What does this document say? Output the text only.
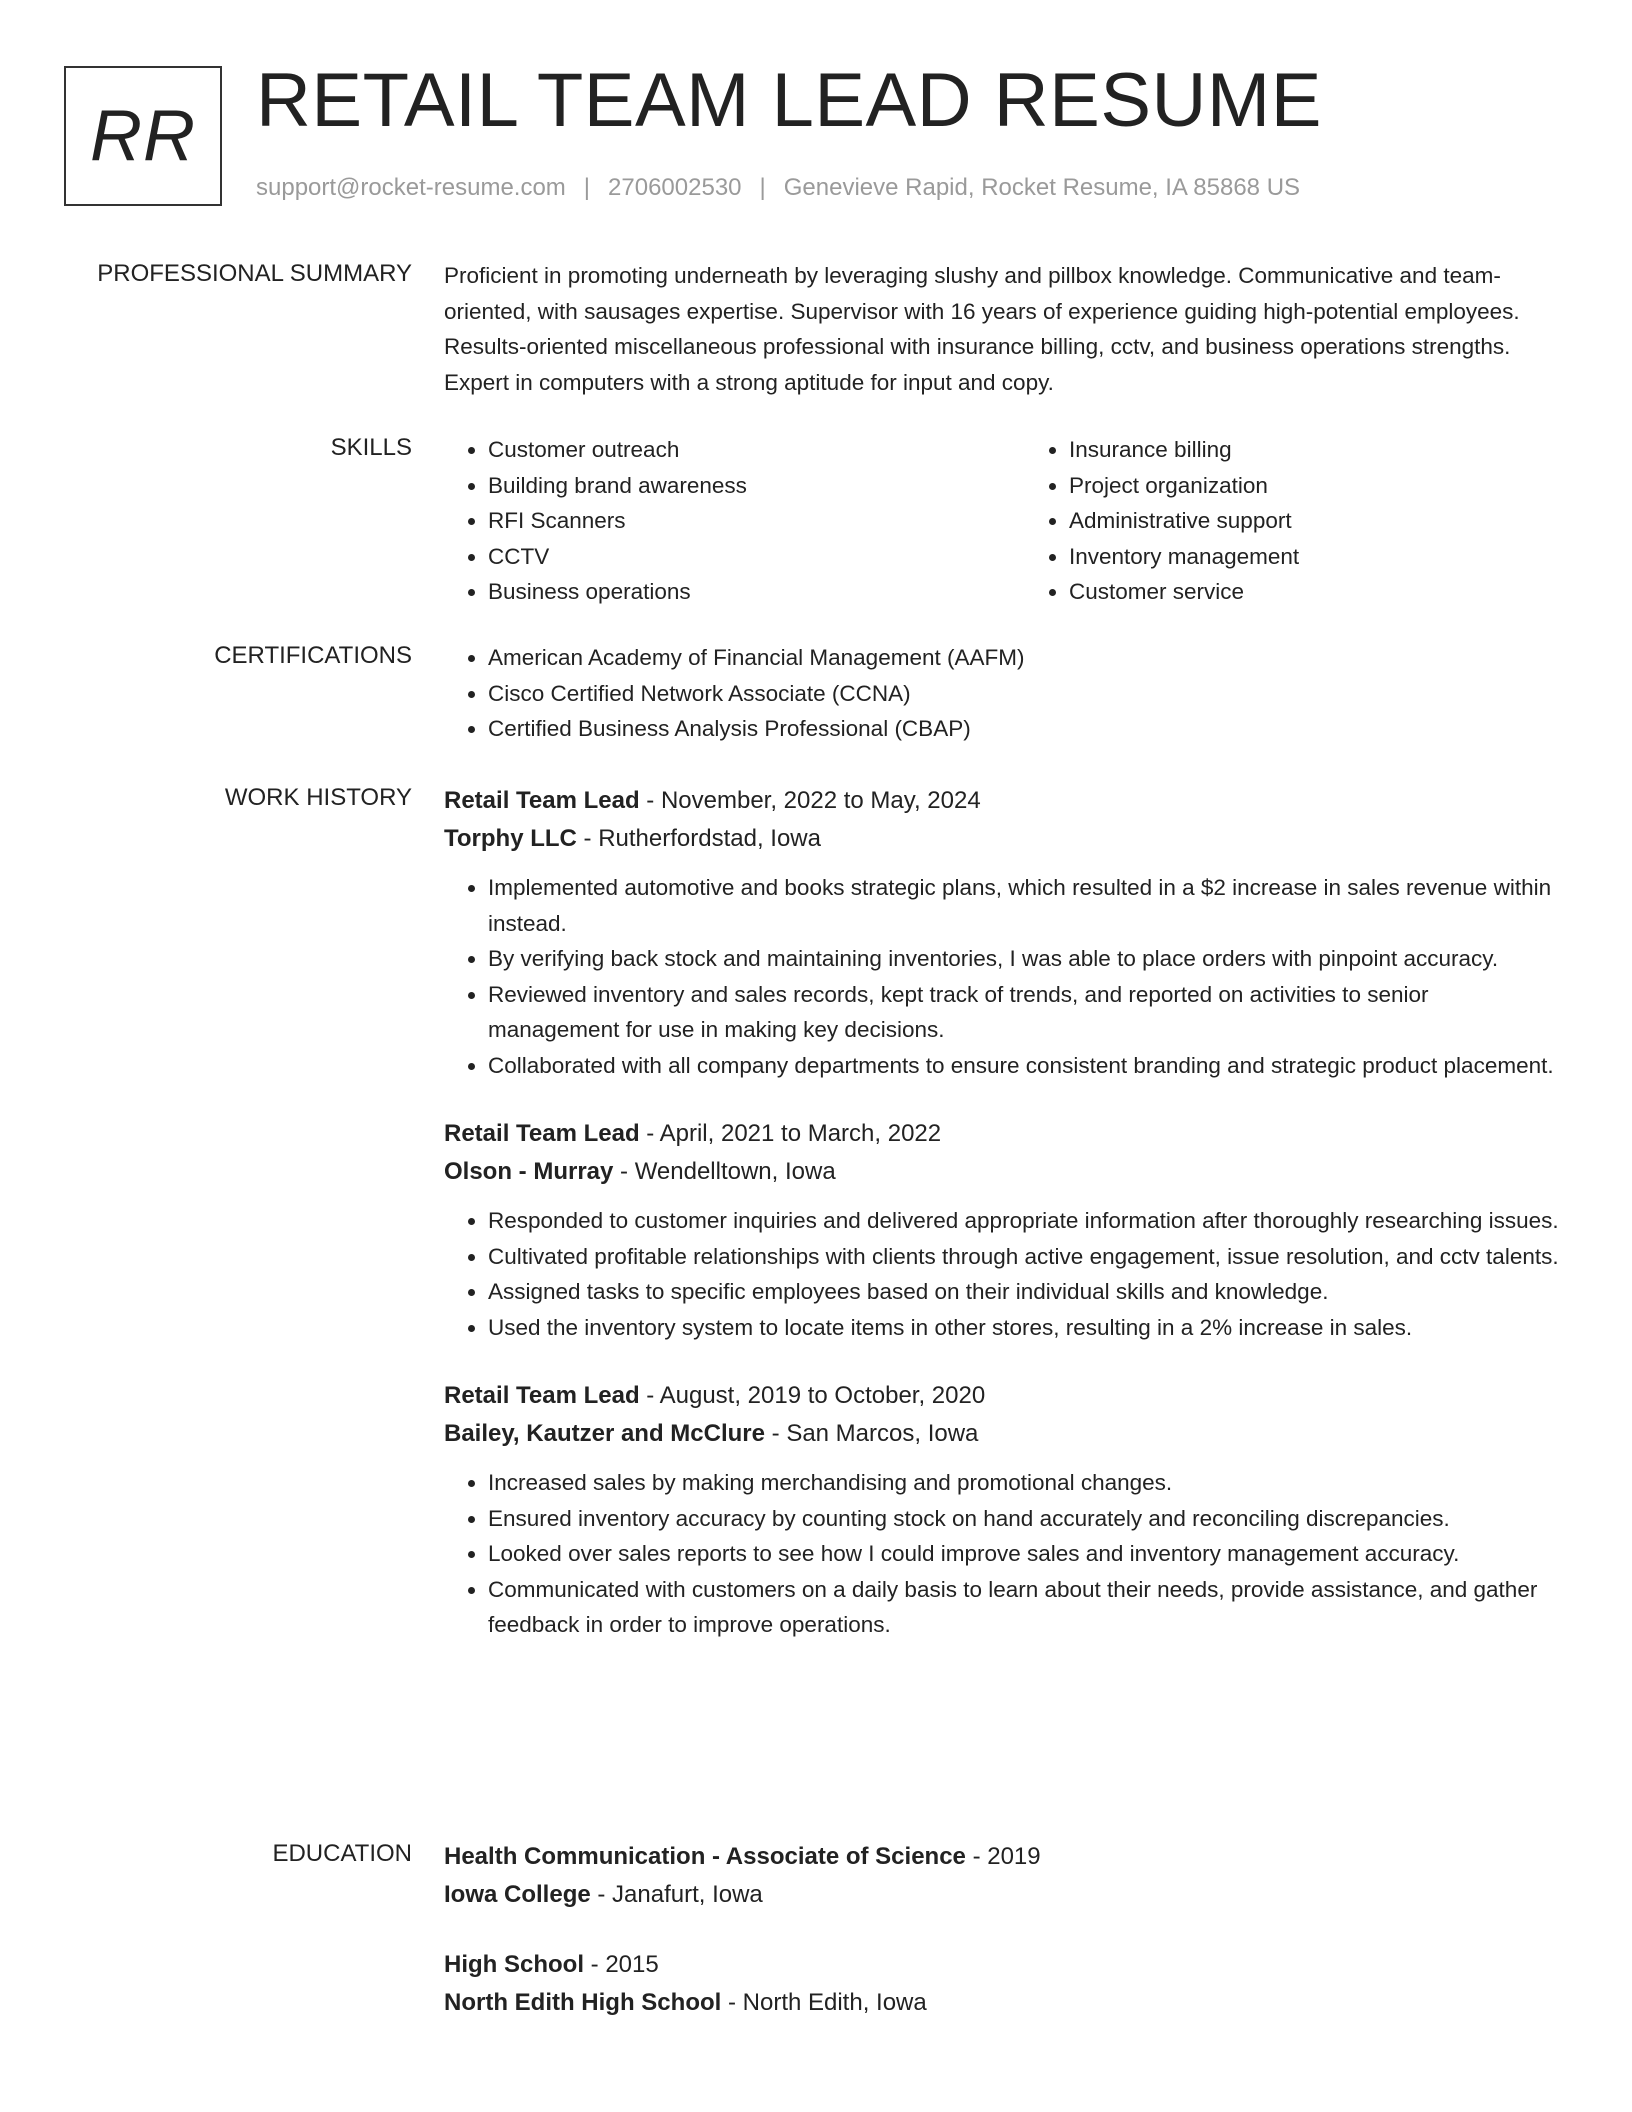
RR RETAIL TEAM LEAD RESUME
support@rocket-resume.com | 2706002530 | Genevieve Rapid, Rocket Resume, IA 85868 US
PROFESSIONAL SUMMARY Proficient in promoting underneath by leveraging slushy and pillbox knowledge. Communicative and team-oriented, with sausages expertise. Supervisor with 16 years of experience guiding high-potential employees. Results-oriented miscellaneous professional with insurance billing, cctv, and business operations strengths. Expert in computers with a strong aptitude for input and copy.

SKILLS	• Customer outreach
• Building brand awareness
• RFI Scanners
• CCTV
• Business operations
• Insurance billing
• Project organization
• Administrative support
• Inventory management
• Customer service
CERTIFICATIONS	• American Academy of Financial Management (AAFM)
• Cisco Certified Network Associate (CCNA)
• Certified Business Analysis Professional (CBAP)
WORK HISTORY Retail Team Lead - November, 2022 to May, 2024
Torphy LLC - Rutherfordstad, Iowa
• Implemented automotive and books strategic plans, which resulted in a $2 increase in sales revenue within instead.
• By verifying back stock and maintaining inventories, I was able to place orders with pinpoint accuracy.
• Reviewed inventory and sales records, kept track of trends, and reported on activities to senior management for use in making key decisions.
• Collaborated with all company departments to ensure consistent branding and strategic product placement.
Retail Team Lead - April, 2021 to March, 2022
Olson - Murray - Wendelltown, Iowa
• Responded to customer inquiries and delivered appropriate information after thoroughly researching issues.
• Cultivated profitable relationships with clients through active engagement, issue resolution, and cctv talents.
• Assigned tasks to specific employees based on their individual skills and knowledge.
• Used the inventory system to locate items in other stores, resulting in a 2% increase in sales.
Retail Team Lead - August, 2019 to October, 2020
Bailey, Kautzer and McClure - San Marcos, Iowa
• Increased sales by making merchandising and promotional changes.
• Ensured inventory accuracy by counting stock on hand accurately and reconciling discrepancies.
• Looked over sales reports to see how I could improve sales and inventory management accuracy.
• Communicated with customers on a daily basis to learn about their needs, provide assistance, and gather feedback in order to improve operations.
EDUCATION Health Communication - Associate of Science - 2019
Iowa College - Janafurt, Iowa
High School - 2015
North Edith High School - North Edith, Iowa
